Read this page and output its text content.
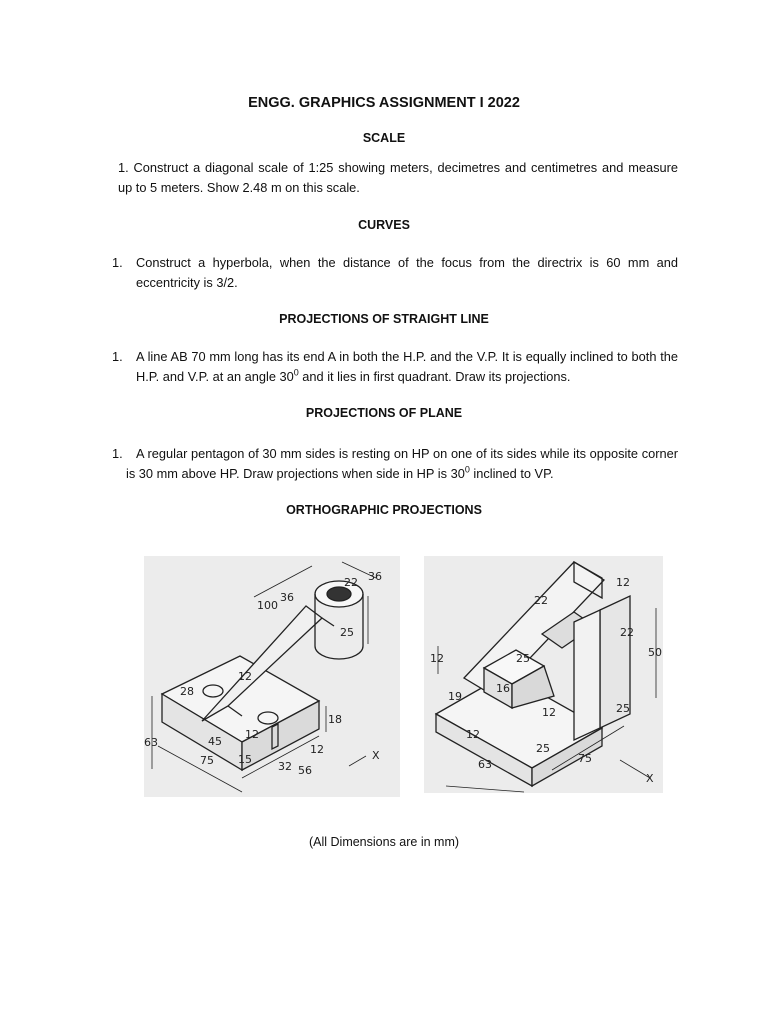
ENGG. GRAPHICS ASSIGNMENT I 2022
SCALE
1. Construct a diagonal scale of 1:25 showing meters, decimetres and centimetres and measure up to 5 meters. Show 2.48 m on this scale.
CURVES
1. Construct a hyperbola, when the distance of the focus from the directrix is 60 mm and eccentricity is 3/2.
PROJECTIONS OF STRAIGHT LINE
1. A line AB 70 mm long has its end A in both the H.P. and the V.P. It is equally inclined to both the H.P. and V.P. at an angle $30^0$ and it lies in first quadrant. Draw its projections.
PROJECTIONS OF PLANE
1.	A regular pentagon of 30 mm sides is resting on HP on one of its sides while its opposite corner is 30 mm above HP. Draw projections when side in HP is $30^0$ inclined to VP.
ORTHOGRAPHIC PROJECTIONS
100
36
22 36
25
28
12
63	45
75
12
15
32 56
12
18
X
22
12
22
50
12	25
16
19
12
12	25
25
63	75
X
(All Dimensions are in mm)
